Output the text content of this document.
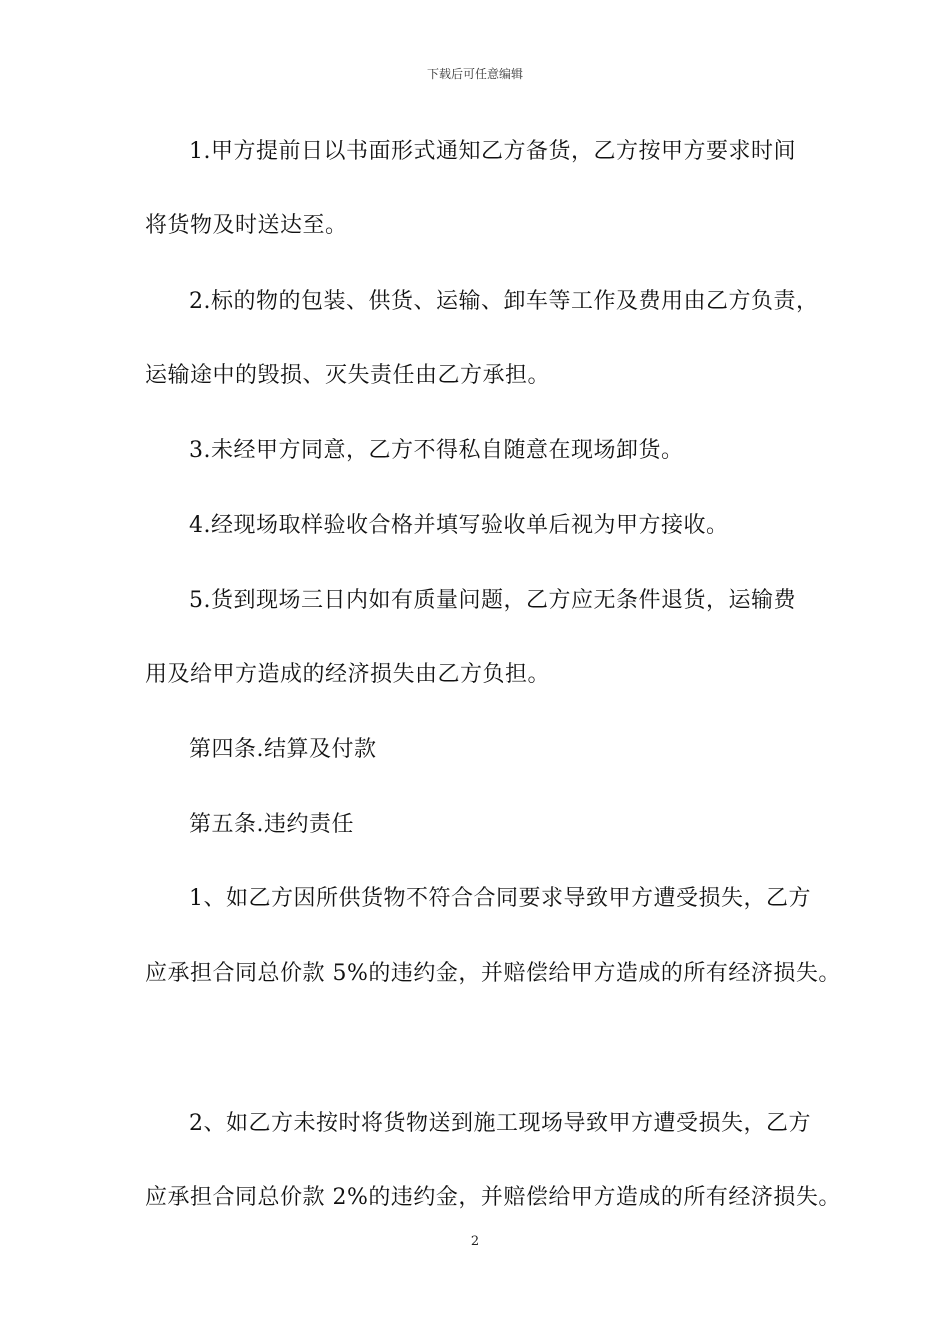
下载后可任意编辑

1.甲方提前日以书面形式通知乙方备货，乙方按甲方要求时间

将货物及时送达至。

2.标的物的包装、供货、运输、卸车等工作及费用由乙方负责，

运输途中的毁损、灭失责任由乙方承担。

3.未经甲方同意，乙方不得私自随意在现场卸货。

4.经现场取样验收合格并填写验收单后视为甲方接收。

5.货到现场三日内如有质量问题，乙方应无条件退货，运输费

用及给甲方造成的经济损失由乙方负担。

第四条.结算及付款

第五条.违约责任

1、如乙方因所供货物不符合合同要求导致甲方遭受损失，乙方

应承担合同总价款 5%的违约金，并赔偿给甲方造成的所有经济损失。

2、如乙方未按时将货物送到施工现场导致甲方遭受损失，乙方

应承担合同总价款 2%的违约金，并赔偿给甲方造成的所有经济损失。

2
